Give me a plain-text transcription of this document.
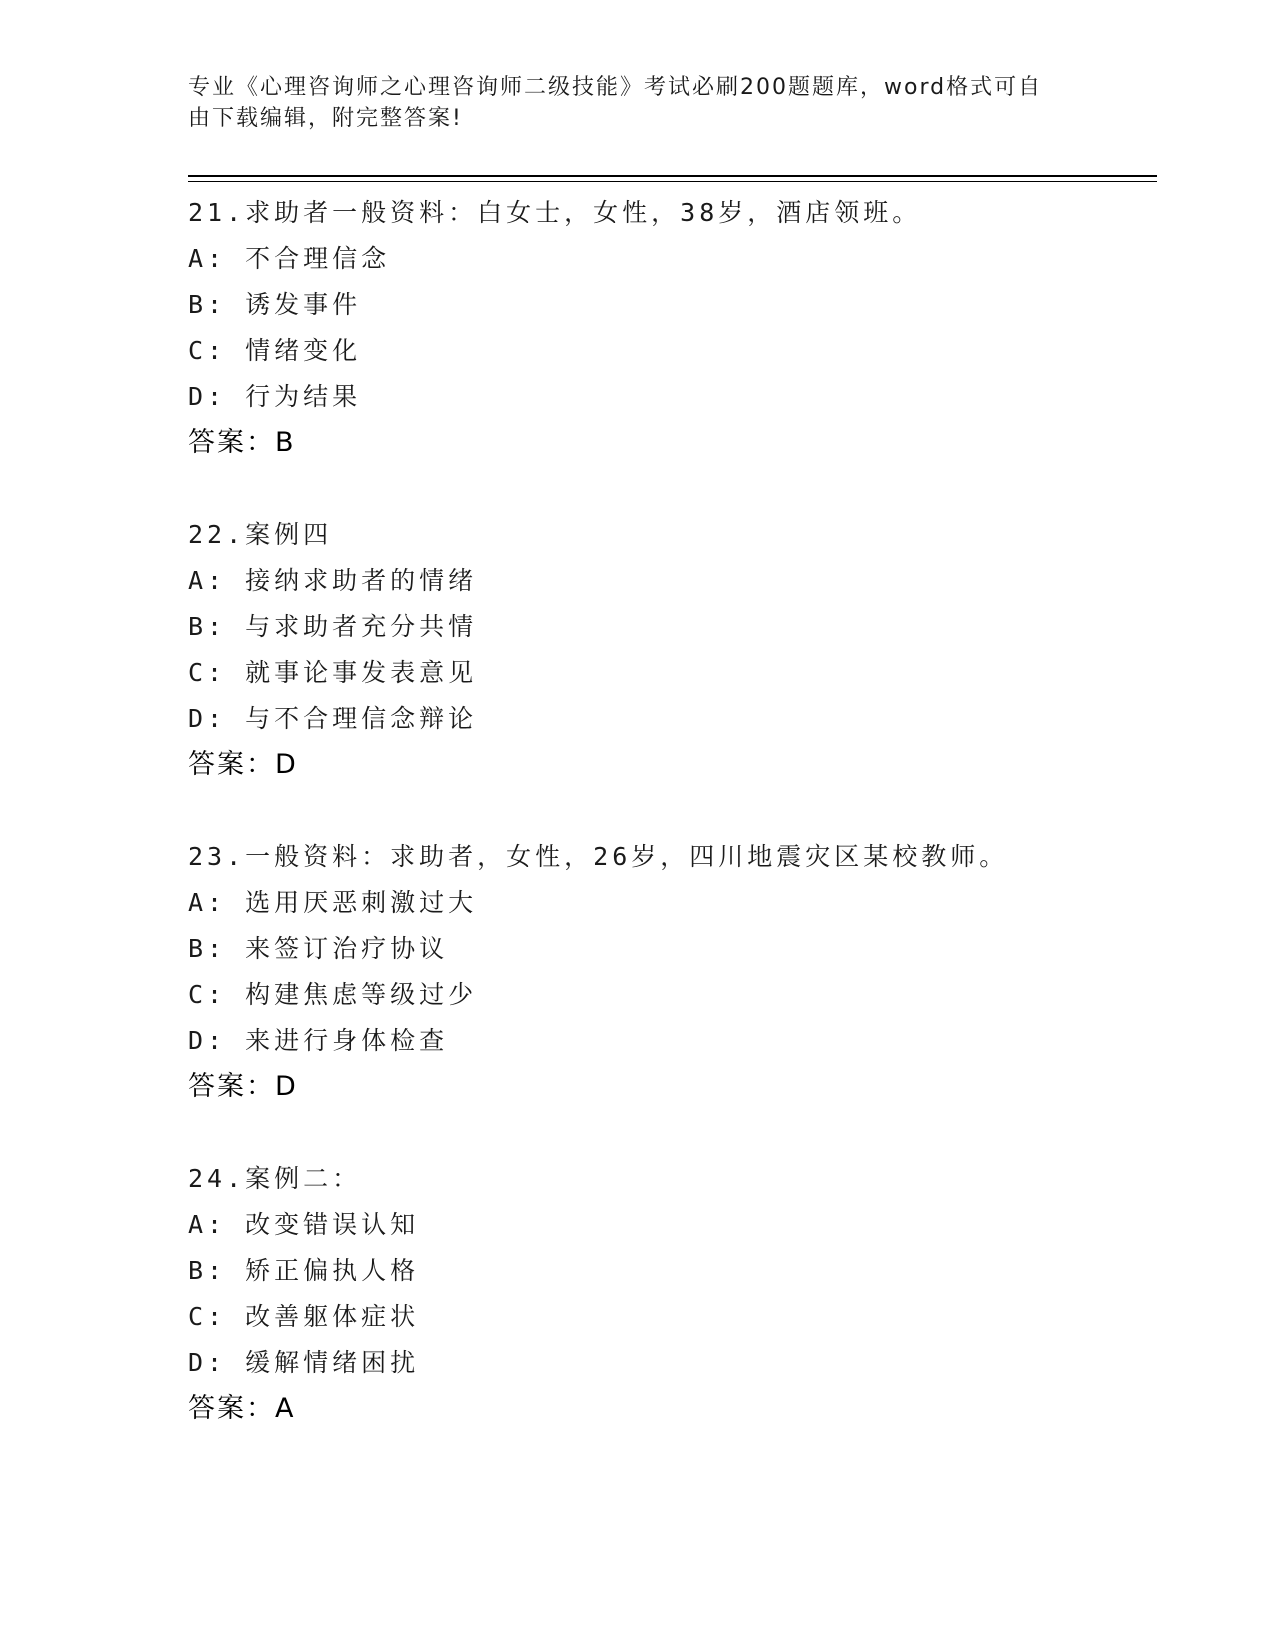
专业《心理咨询师之心理咨询师二级技能》考试必刷200题题库，word格式可自
由下载编辑，附完整答案!
21.求助者一般资料：白女士，女性，38岁，酒店领班。
A: 不合理信念
B: 诱发事件
C: 情绪变化
D: 行为结果
答案：B
22.案例四
A: 接纳求助者的情绪
B: 与求助者充分共情
C: 就事论事发表意见
D: 与不合理信念辩论
答案：D
23.一般资料：求助者，女性，26岁，四川地震灾区某校教师。
A: 选用厌恶刺激过大
B: 来签订治疗协议
C: 构建焦虑等级过少
D: 来进行身体检查
答案：D
24.案例二：
A: 改变错误认知
B: 矫正偏执人格
C: 改善躯体症状
D: 缓解情绪困扰
答案：A
